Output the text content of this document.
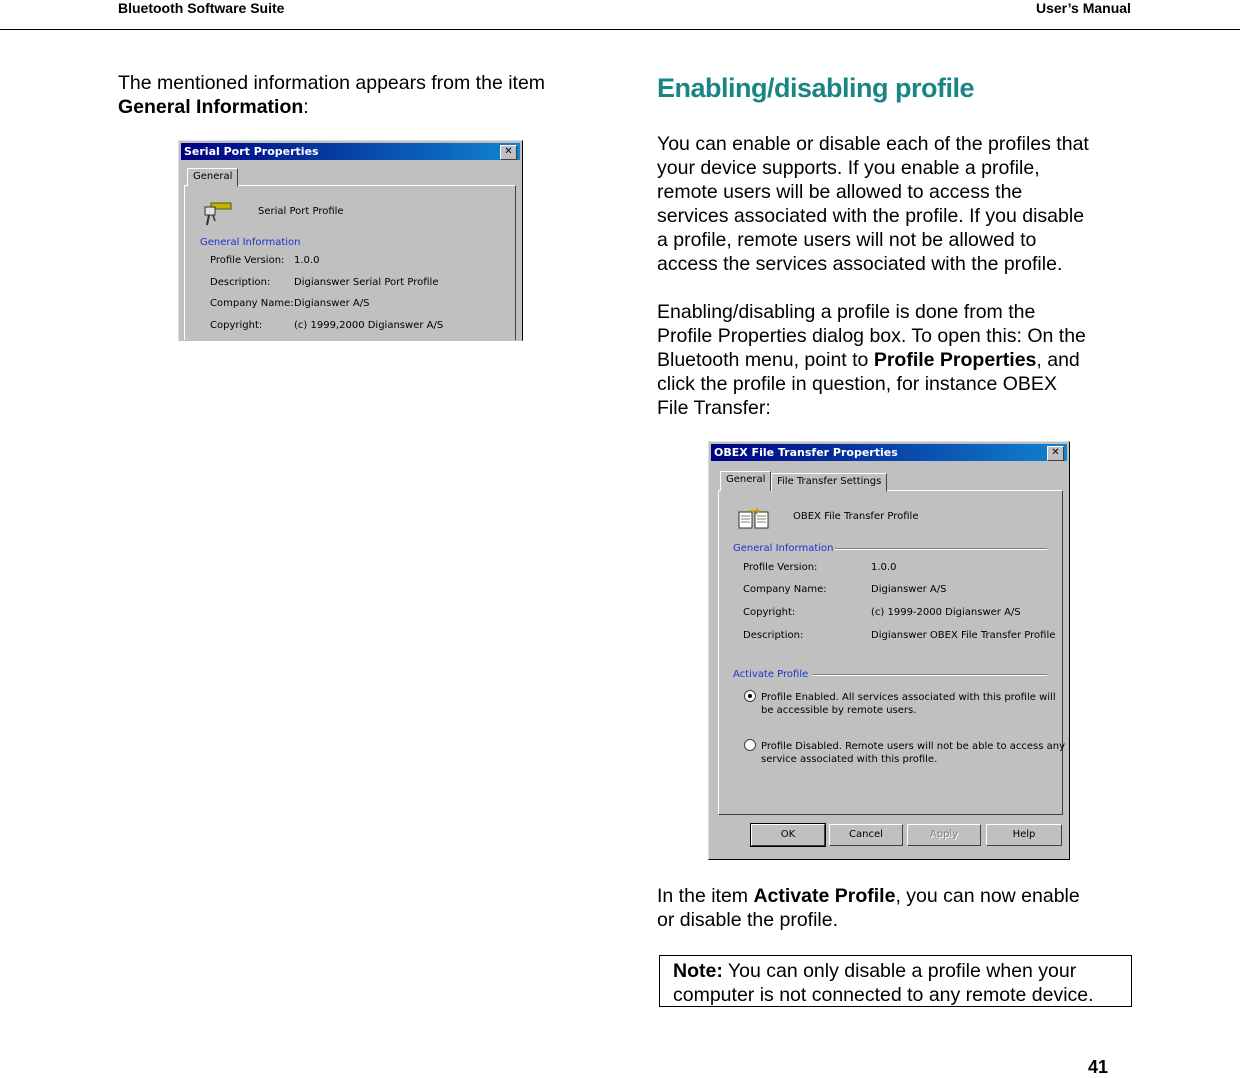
Bluetooth Software Suite	User’s Manual
The mentioned information appears from the item
General Information:
Serial Port Properties	✕
General
Serial Port Profile
General Information
Profile Version: 1.0.0
Description: Digianswer Serial Port Profile
Company Name: Digianswer A/S
Copyright:	(c) 1999,2000 Digianswer A/S
Enabling/disabling profile
You can enable or disable each of the profiles that
your device supports. If you enable a profile,
remote users will be allowed to access the
services associated with the profile. If you disable
a profile, remote users will not be allowed to
access the services associated with the profile.
Enabling/disabling a profile is done from the
Profile Properties dialog box. To open this: On the
Bluetooth menu, point to Profile Properties, and
click the profile in question, for instance OBEX
File Transfer:
OBEX File Transfer Properties	✕
General	File Transfer Settings
OBEX File Transfer Profile
General Information
Profile Version:	1.0.0
Company Name:	Digianswer A/S
Copyright:	(c) 1999-2000 Digianswer A/S
Description:	Digianswer OBEX File Transfer Profile
Activate Profile
Profile Enabled. All services associated with this profile will
be accessible by remote users.
Profile Disabled. Remote users will not be able to access any
service associated with this profile.
OK	Cancel	Apply	Help
In the item Activate Profile, you can now enable
or disable the profile.
Note: You can only disable a profile when your
computer is not connected to any remote device.
41
